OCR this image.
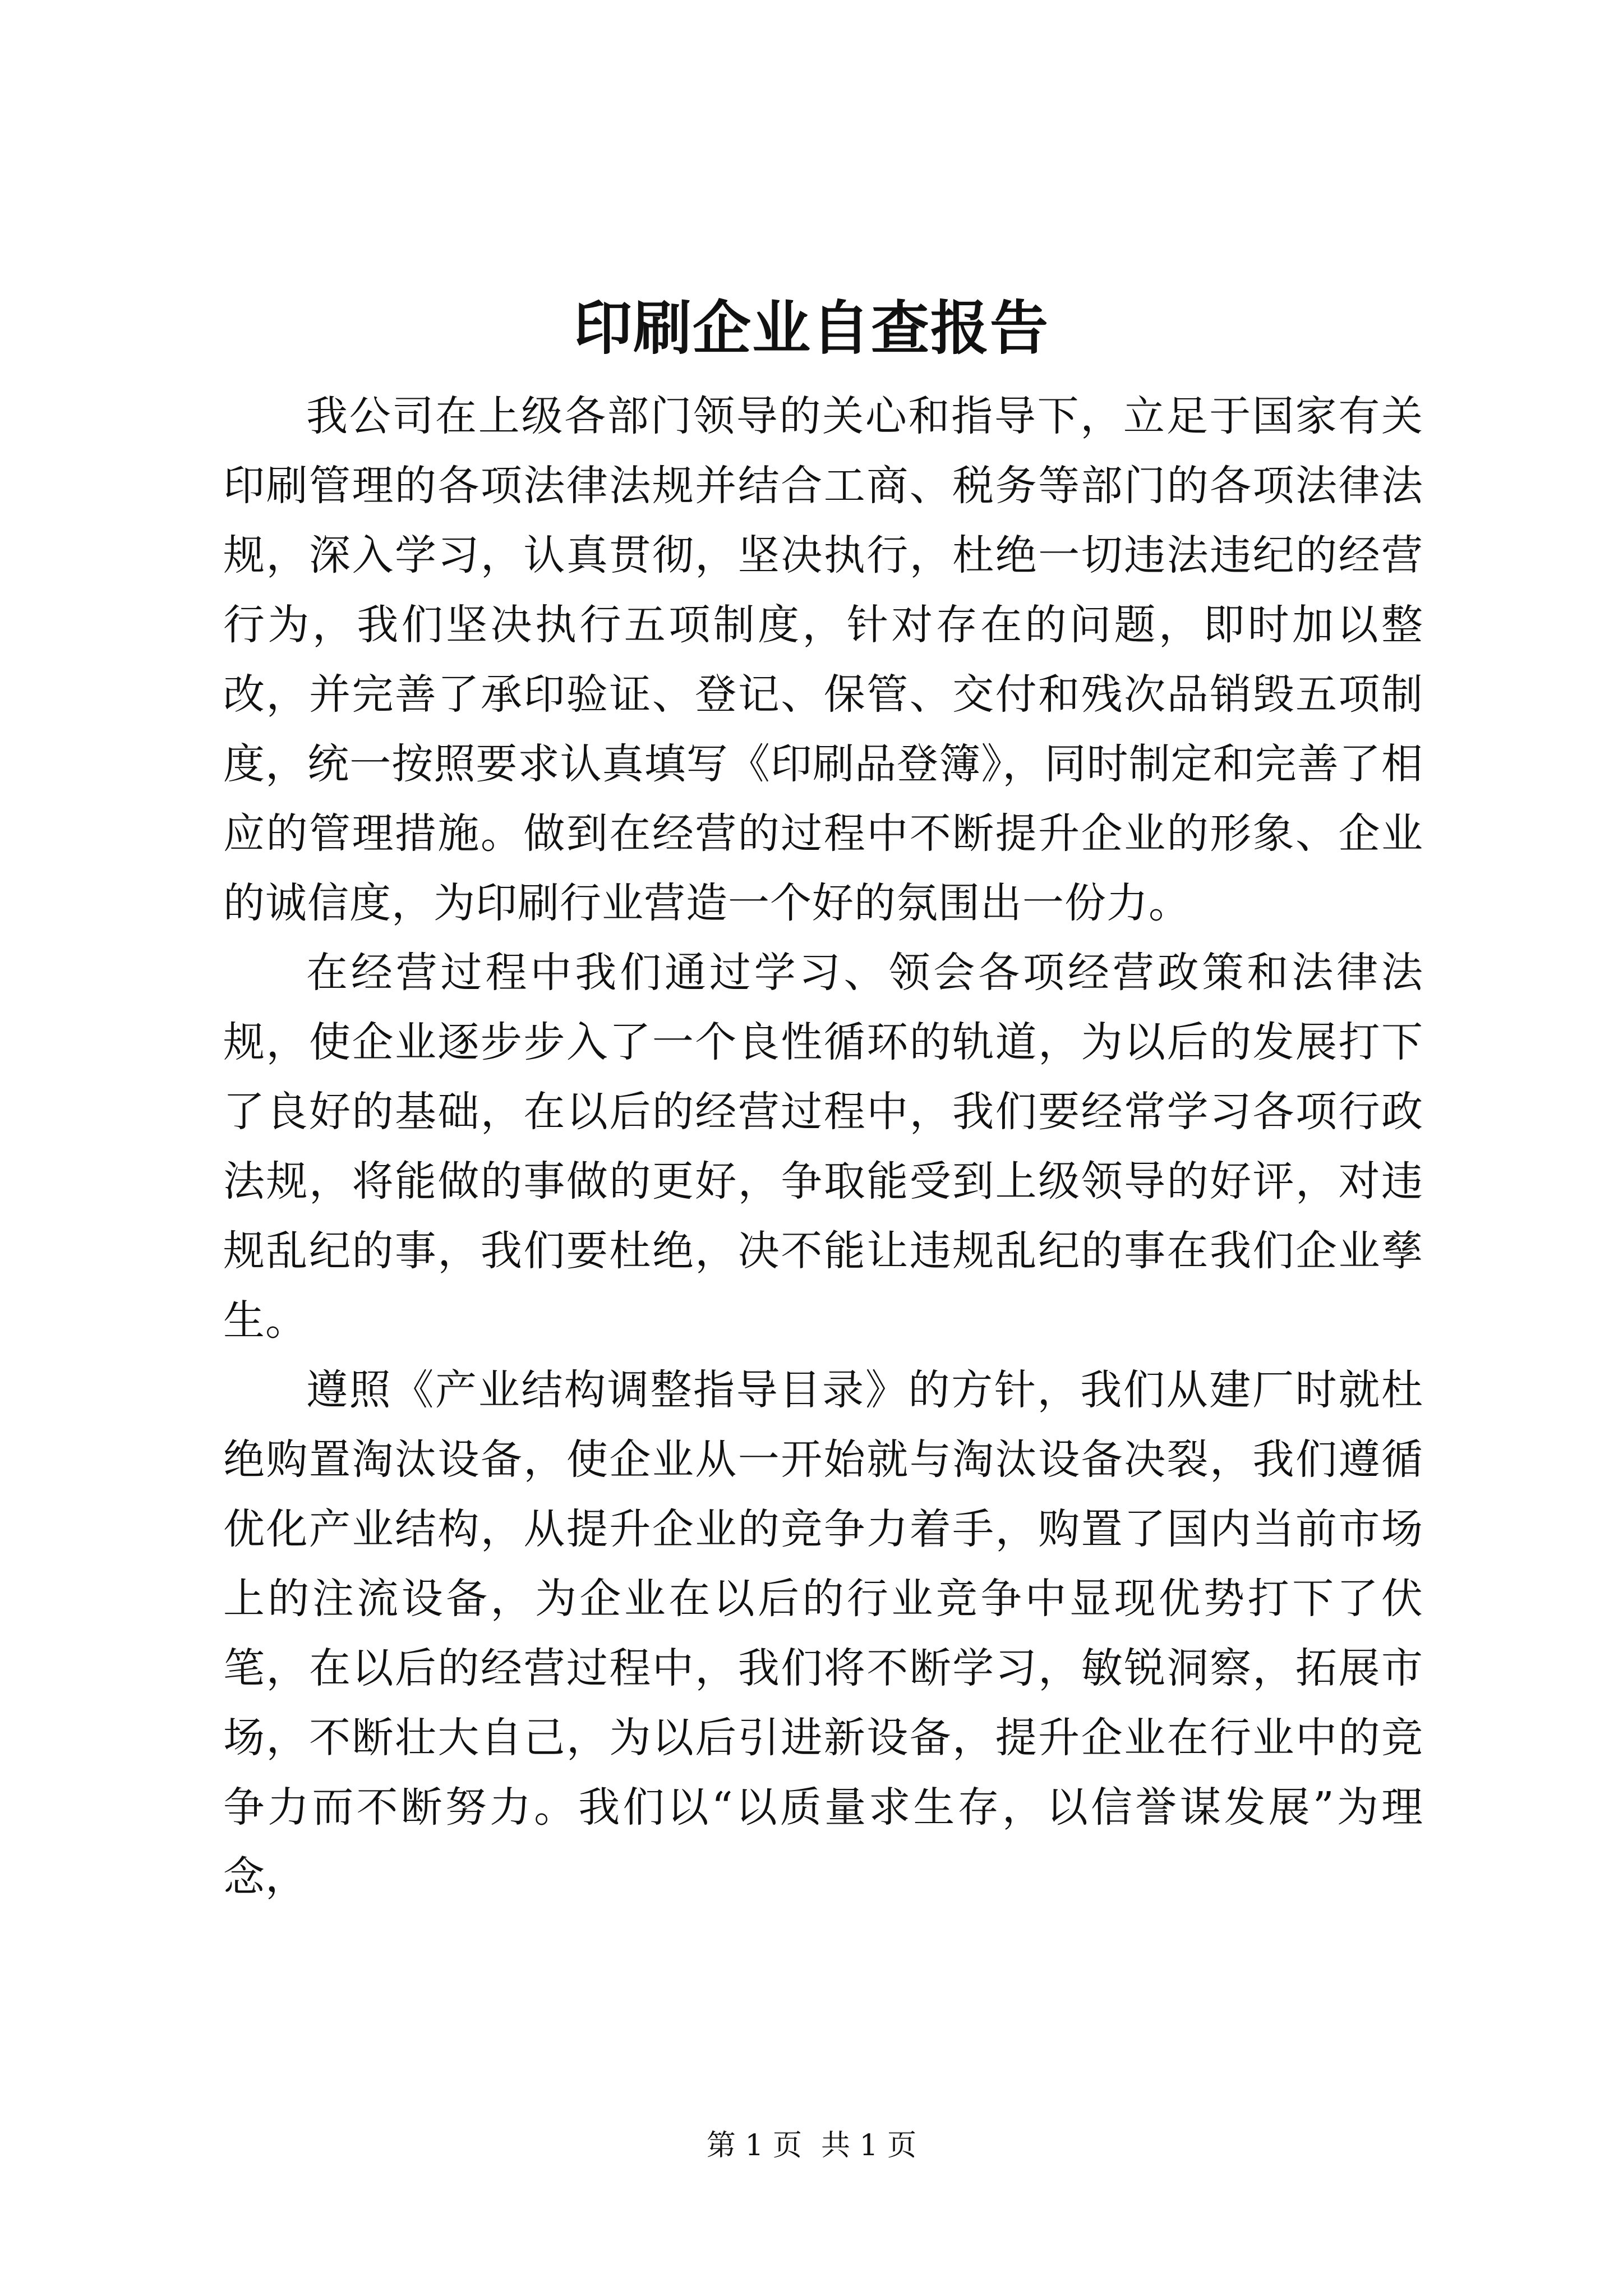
印刷企业自查报告

我公司在上级各部门领导的关心和指导下，立足于国家有关印刷管理的各项法律法规并结合工商、税务等部门的各项法律法规，深入学习，认真贯彻，坚决执行，杜绝一切违法违纪的经营行为，我们坚决执行五项制度，针对存在的问题，即时加以整改，并完善了承印验证、登记、保管、交付和残次品销毁五项制度，统一按照要求认真填写《印刷品登簿》，同时制定和完善了相应的管理措施。做到在经营的过程中不断提升企业的形象、企业的诚信度，为印刷行业营造一个好的氛围出一份力。

在经营过程中我们通过学习、领会各项经营政策和法律法规，使企业逐步步入了一个良性循环的轨道，为以后的发展打下了良好的基础，在以后的经营过程中，我们要经常学习各项行政法规，将能做的事做的更好，争取能受到上级领导的好评，对违规乱纪的事，我们要杜绝，决不能让违规乱纪的事在我们企业孳生。

遵照《产业结构调整指导目录》的方针，我们从建厂时就杜绝购置淘汰设备，使企业从一开始就与淘汰设备决裂，我们遵循优化产业结构，从提升企业的竞争力着手，购置了国内当前市场上的注流设备，为企业在以后的行业竞争中显现优势打下了伏笔，在以后的经营过程中，我们将不断学习，敏锐洞察，拓展市场，不断壮大自己，为以后引进新设备，提升企业在行业中的竞争力而不断努力。我们以“以质量求生存，以信誉谋发展”为理念，

第 1 页 共 1 页
